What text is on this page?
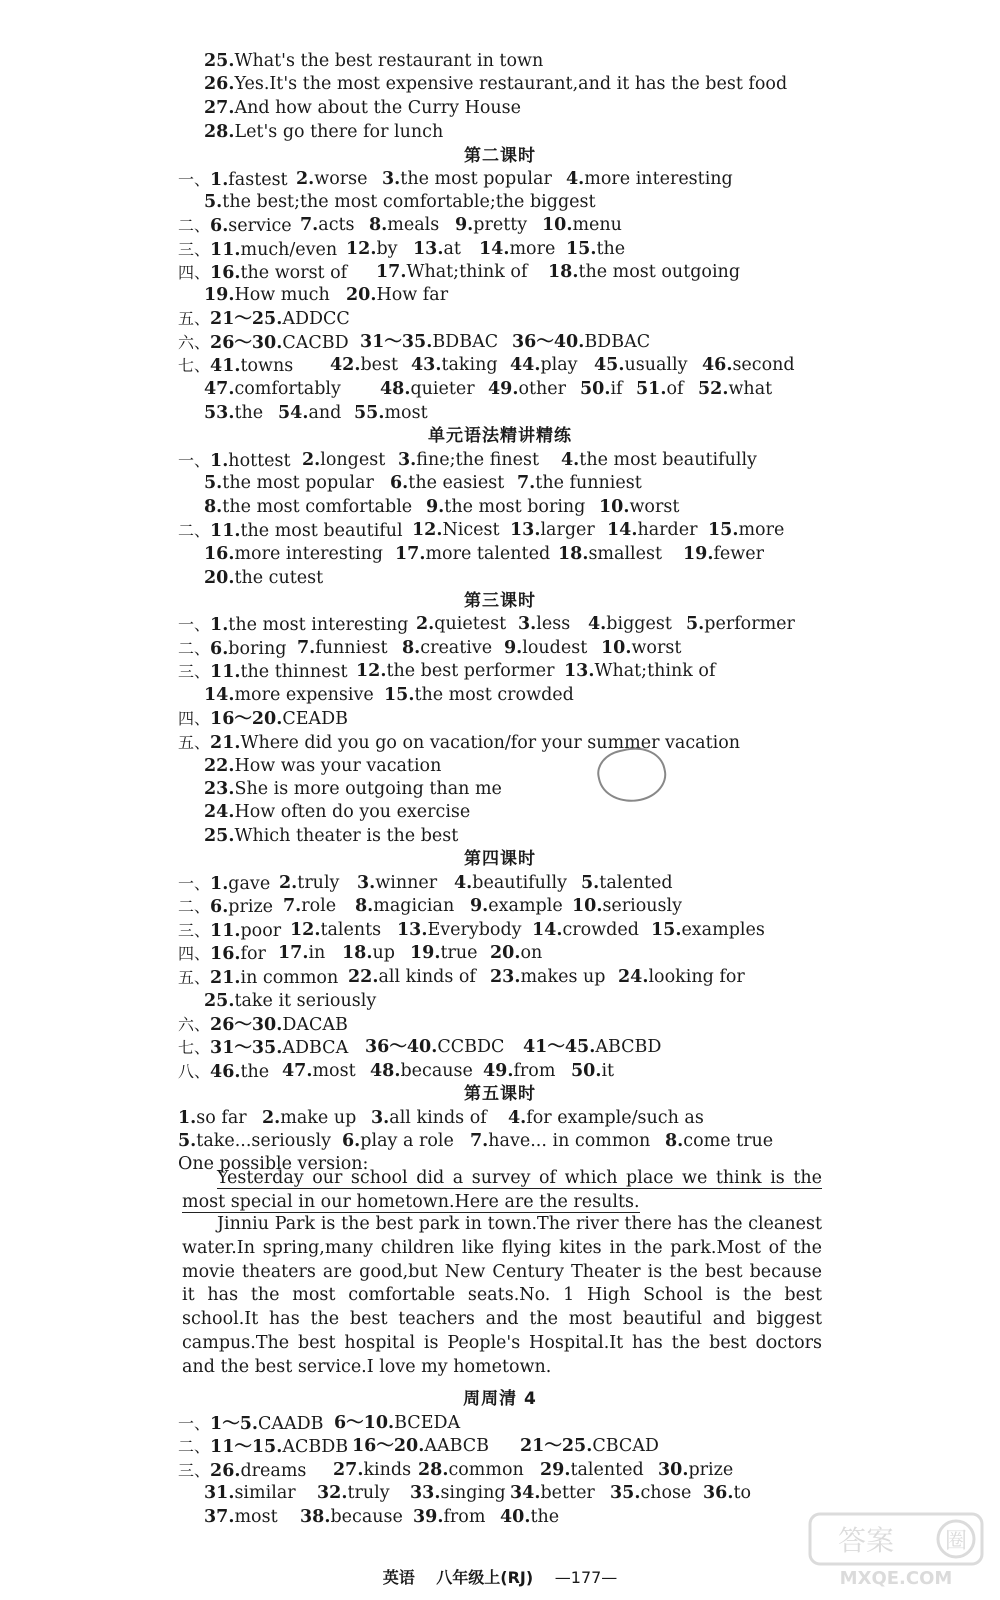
25.What's the best restaurant in town
26.Yes.It's the most expensive restaurant,and it has the best food
27.And how about the Curry House
28.Let's go there for lunch
第二课时
一、1.fastest 2.worse 3.the most popular 4.more interesting
5.the best;the most comfortable;the biggest
二、6.service 7.acts 8.meals 9.pretty 10.menu
三、11.much/even 12.by 13.at 14.more 15.the
四、16.the worst of 17.What;think of 18.the most outgoing
19.How much 20.How far
五、21～25.ADDCC
六、26～30.CACBD 31～35.BDBAC 36～40.BDBAC
七、41.towns 42.best 43.taking 44.play 45.usually 46.second
47.comfortably 48.quieter 49.other 50.if 51.of 52.what
53.the 54.and 55.most
单元语法精讲精练
一、1.hottest 2.longest 3.fine;the finest 4.the most beautifully
5.the most popular 6.the easiest 7.the funniest
8.the most comfortable 9.the most boring 10.worst
二、11.the most beautiful 12.Nicest 13.larger 14.harder 15.more
16.more interesting 17.more talented 18.smallest 19.fewer
20.the cutest
第三课时
一、1.the most interesting 2.quietest 3.less 4.biggest 5.performer
二、6.boring 7.funniest 8.creative 9.loudest 10.worst
三、11.the thinnest 12.the best performer 13.What;think of
14.more expensive 15.the most crowded
四、16～20.CEADB
五、21.Where did you go on vacation/for your summer vacation
22.How was your vacation
23.She is more outgoing than me
24.How often do you exercise
25.Which theater is the best
第四课时
一、1.gave 2.truly 3.winner 4.beautifully 5.talented
二、6.prize 7.role 8.magician 9.example 10.seriously
三、11.poor 12.talents 13.Everybody 14.crowded 15.examples
四、16.for 17.in 18.up 19.true 20.on
五、21.in common 22.all kinds of 23.makes up 24.looking for
25.take it seriously
六、26～30.DACAB
七、31～35.ADBCA 36～40.CCBDC 41～45.ABCBD
八、46.the 47.most 48.because 49.from 50.it
第五课时
1.so far 2.make up 3.all kinds of 4.for example/such as
5.take...seriously 6.play a role 7.have... in common 8.come true
One possible version:
周周清 4
一、1～5.CAADB 6～10.BCEDA
二、11～15.ACBDB 16～20.AABCB 21～25.CBCAD
三、26.dreams 27.kinds 28.common 29.talented 30.prize
31.similar 32.truly 33.singing 34.better 35.chose 36.to
37.most 38.because 39.from 40.the
  Yesterday our school did a survey of which place we think is the most special in our hometown.Here are the results.
Jinniu Park is the best park in town.The river there has the cleanest water.In spring,many children like flying kites in the park.Most of the movie theaters are good,but New Century Theater is the best because it has the most comfortable seats.No. 1 High School is the best school.It has the best teachers and the most beautiful and biggest campus.The best hospital is People's Hospital.It has the best doctors and the best service.I love my hometown.
英语  八年级上(RJ)  —177—
答案 圈
MXQE.COM
